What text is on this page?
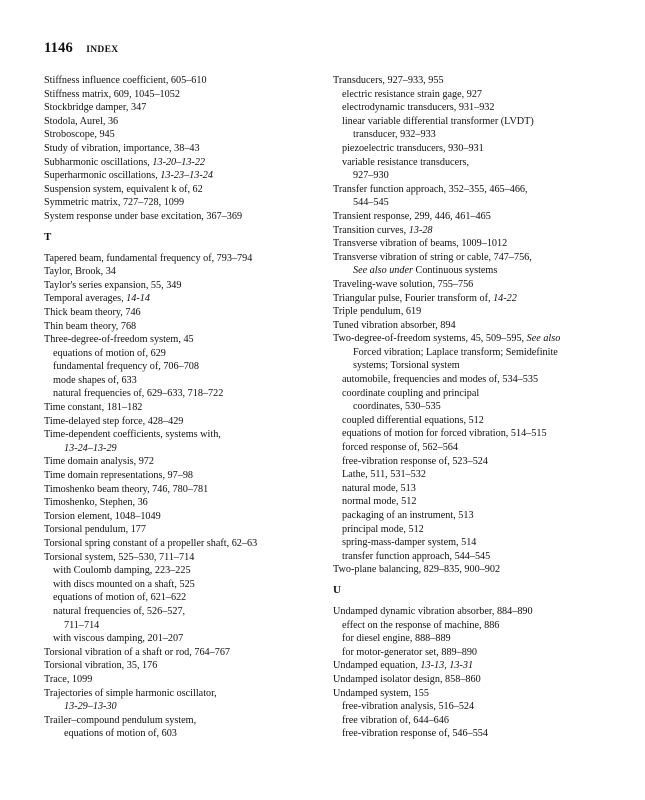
1146 INDEX
Stiffness influence coefficient, 605–610
Stiffness matrix, 609, 1045–1052
Stockbridge damper, 347
Stodola, Aurel, 36
Stroboscope, 945
Study of vibration, importance, 38–43
Subharmonic oscillations, 13-20–13-22
Superharmonic oscillations, 13-23–13-24
Suspension system, equivalent k of, 62
Symmetric matrix, 727–728, 1099
System response under base excitation, 367–369
T
Tapered beam, fundamental frequency of, 793–794
Taylor, Brook, 34
Taylor's series expansion, 55, 349
Temporal averages, 14-14
Thick beam theory, 746
Thin beam theory, 768
Three-degree-of-freedom system, 45
equations of motion of, 629
fundamental frequency of, 706–708
mode shapes of, 633
natural frequencies of, 629–633, 718–722
Time constant, 181–182
Time-delayed step force, 428–429
Time-dependent coefficients, systems with,
13-24–13-29
Time domain analysis, 972
Time domain representations, 97–98
Timoshenko beam theory, 746, 780–781
Timoshenko, Stephen, 36
Torsion element, 1048–1049
Torsional pendulum, 177
Torsional spring constant of a propeller shaft, 62–63
Torsional system, 525–530, 711–714
with Coulomb damping, 223–225
with discs mounted on a shaft, 525
equations of motion of, 621–622
natural frequencies of, 526–527,
711–714
with viscous damping, 201–207
Torsional vibration of a shaft or rod, 764–767
Torsional vibration, 35, 176
Trace, 1099
Trajectories of simple harmonic oscillator,
13-29–13-30
Trailer–compound pendulum system,
equations of motion of, 603
Transducers, 927–933, 955
electric resistance strain gage, 927
electrodynamic transducers, 931–932
linear variable differential transformer (LVDT)
transducer, 932–933
piezoelectric transducers, 930–931
variable resistance transducers,
927–930
Transfer function approach, 352–355, 465–466,
544–545
Transient response, 299, 446, 461–465
Transition curves, 13-28
Transverse vibration of beams, 1009–1012
Transverse vibration of string or cable, 747–756,
See also under Continuous systems
Traveling-wave solution, 755–756
Triangular pulse, Fourier transform of, 14-22
Triple pendulum, 619
Tuned vibration absorber, 894
Two-degree-of-freedom systems, 45, 509–595, See also
Forced vibration; Laplace transform; Semidefinite
systems; Torsional system
automobile, frequencies and modes of, 534–535
coordinate coupling and principal
coordinates, 530–535
coupled differential equations, 512
equations of motion for forced vibration, 514–515
forced response of, 562–564
free-vibration response of, 523–524
Lathe, 511, 531–532
natural mode, 513
normal mode, 512
packaging of an instrument, 513
principal mode, 512
spring-mass-damper system, 514
transfer function approach, 544–545
Two-plane balancing, 829–835, 900–902
U
Undamped dynamic vibration absorber, 884–890
effect on the response of machine, 886
for diesel engine, 888–889
for motor-generator set, 889–890
Undamped equation, 13-13, 13-31
Undamped isolator design, 858–860
Undamped system, 155
free-vibration analysis, 516–524
free vibration of, 644–646
free-vibration response of, 546–554
